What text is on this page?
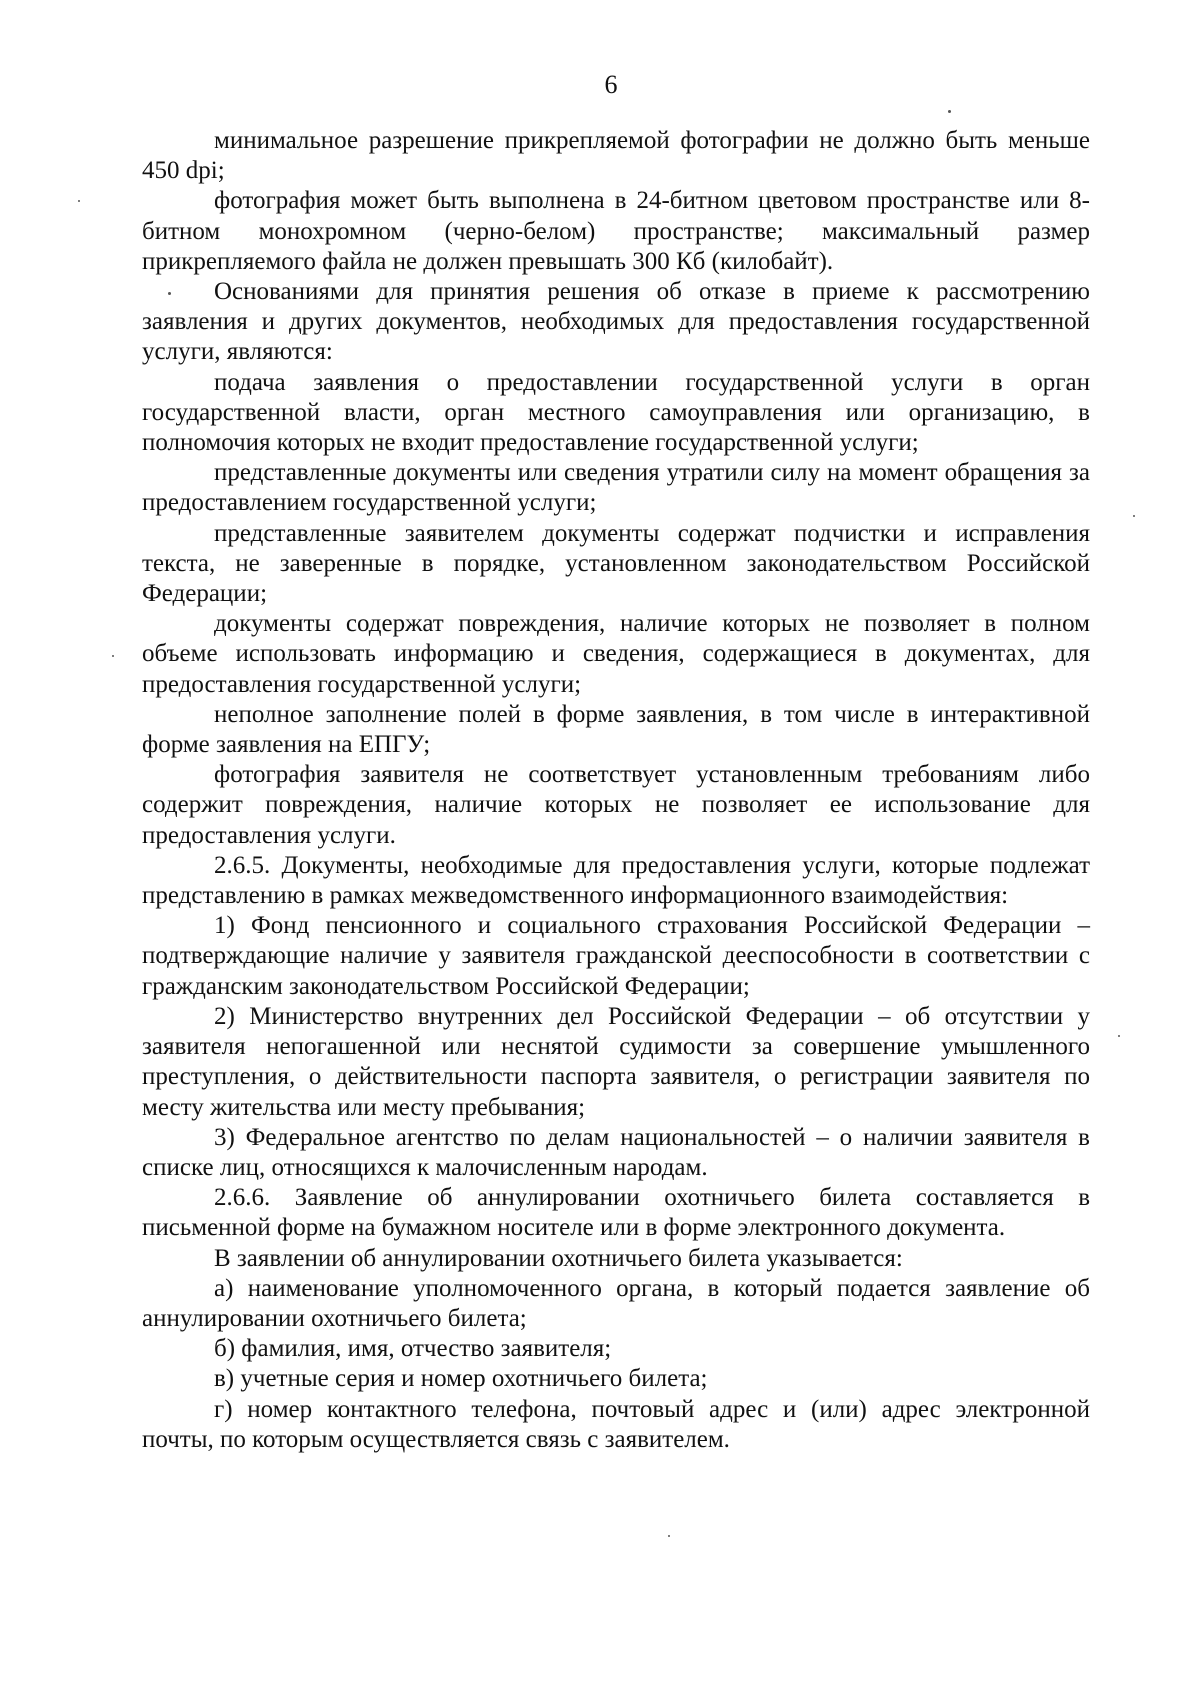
6

минимальное разрешение прикрепляемой фотографии не должно быть меньше 450 dpi;

фотография может быть выполнена в 24-битном цветовом пространстве или 8-битном монохромном (черно-белом) пространстве; максимальный размер прикрепляемого файла не должен превышать 300 Кб (килобайт).

Основаниями для принятия решения об отказе в приеме к рассмотрению заявления и других документов, необходимых для предоставления государственной услуги, являются:

подача заявления о предоставлении государственной услуги в орган государственной власти, орган местного самоуправления или организацию, в полномочия которых не входит предоставление государственной услуги;

представленные документы или сведения утратили силу на момент обращения за предоставлением государственной услуги;

представленные заявителем документы содержат подчистки и исправления текста, не заверенные в порядке, установленном законодательством Российской Федерации;

документы содержат повреждения, наличие которых не позволяет в полном объеме использовать информацию и сведения, содержащиеся в документах, для предоставления государственной услуги;

неполное заполнение полей в форме заявления, в том числе в интерактивной форме заявления на ЕПГУ;

фотография заявителя не соответствует установленным требованиям либо содержит повреждения, наличие которых не позволяет ее использование для предоставления услуги.

2.6.5. Документы, необходимые для предоставления услуги, которые подлежат представлению в рамках межведомственного информационного взаимодействия:

1) Фонд пенсионного и социального страхования Российской Федерации – подтверждающие наличие у заявителя гражданской дееспособности в соответствии с гражданским законодательством Российской Федерации;

2) Министерство внутренних дел Российской Федерации – об отсутствии у заявителя непогашенной или неснятой судимости за совершение умышленного преступления, о действительности паспорта заявителя, о регистрации заявителя по месту жительства или месту пребывания;

3) Федеральное агентство по делам национальностей – о наличии заявителя в списке лиц, относящихся к малочисленным народам.

2.6.6. Заявление об аннулировании охотничьего билета составляется в письменной форме на бумажном носителе или в форме электронного документа.

В заявлении об аннулировании охотничьего билета указывается:

а) наименование уполномоченного органа, в который подается заявление об аннулировании охотничьего билета;

б) фамилия, имя, отчество заявителя;

в) учетные серия и номер охотничьего билета;

г) номер контактного телефона, почтовый адрес и (или) адрес электронной почты, по которым осуществляется связь с заявителем.
